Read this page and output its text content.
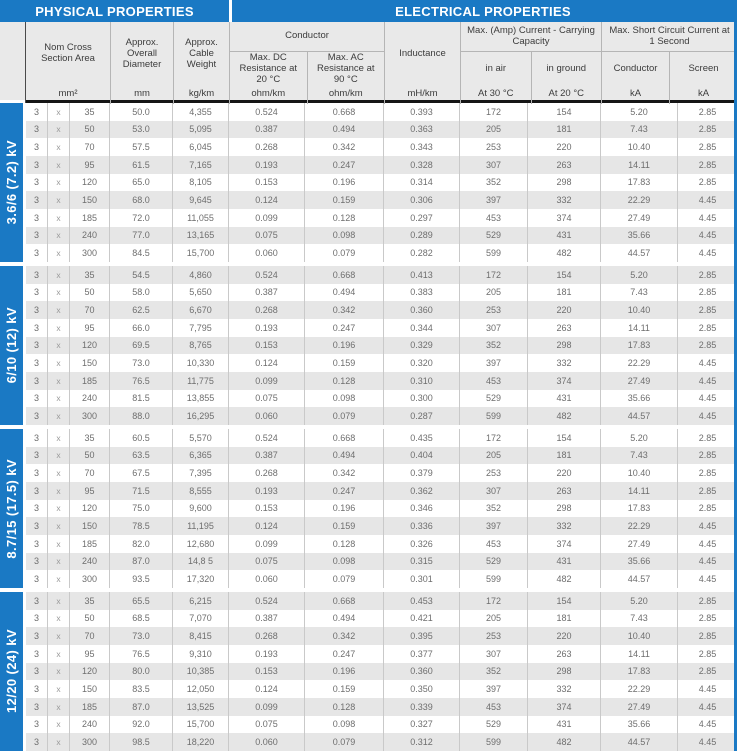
PHYSICAL PROPERTIES	ELECTRICAL PROPERTIES
Nom Cross Section Area
mm²
Approx. Overall Diameter
mm
Approx. Cable Weight
kg/km
Conductor
Max. DC Resistance at 20 °C
ohm/km
Max. AC Resistance at 90 °C
ohm/km
Inductance
mH/km
Max. (Amp) Current - Carrying Capacity
in air
At 30 °C
in ground
At 20 °C
Max. Short Circuit Current at 1 Second
Conductor
kA
Screen
kA
3.6/6 (7.2) kV
3	x	35	50.0	4,355	0.524	0.668	0.393	172	154	5.20	2.85
3	x	50	53.0	5,095	0.387	0.494	0.363	205	181	7.43	2.85
3	x	70	57.5	6,045	0.268	0.342	0.343	253	220	10.40	2.85
3	x	95	61.5	7,165	0.193	0.247	0.328	307	263	14.11	2.85
3	x	120	65.0	8,105	0.153	0.196	0.314	352	298	17.83	2.85
3	x	150	68.0	9,645	0.124	0.159	0.306	397	332	22.29	4.45
3	x	185	72.0	11,055	0.099	0.128	0.297	453	374	27.49	4.45
3	x	240	77.0	13,165	0.075	0.098	0.289	529	431	35.66	4.45
3	x	300	84.5	15,700	0.060	0.079	0.282	599	482	44.57	4.45
6/10 (12) kV
3	x	35	54.5	4,860	0.524	0.668	0.413	172	154	5.20	2.85
3	x	50	58.0	5,650	0.387	0.494	0.383	205	181	7.43	2.85
3	x	70	62.5	6,670	0.268	0.342	0.360	253	220	10.40	2.85
3	x	95	66.0	7,795	0.193	0.247	0.344	307	263	14.11	2.85
3	x	120	69.5	8,765	0.153	0.196	0.329	352	298	17.83	2.85
3	x	150	73.0	10,330	0.124	0.159	0.320	397	332	22.29	4.45
3	x	185	76.5	11,775	0.099	0.128	0.310	453	374	27.49	4.45
3	x	240	81.5	13,855	0.075	0.098	0.300	529	431	35.66	4.45
3	x	300	88.0	16,295	0.060	0.079	0.287	599	482	44.57	4.45
8.7/15 (17.5) kV
3	x	35	60.5	5,570	0.524	0.668	0.435	172	154	5.20	2.85
3	x	50	63.5	6,365	0.387	0.494	0.404	205	181	7.43	2.85
3	x	70	67.5	7,395	0.268	0.342	0.379	253	220	10.40	2.85
3	x	95	71.5	8,555	0.193	0.247	0.362	307	263	14.11	2.85
3	x	120	75.0	9,600	0.153	0.196	0.346	352	298	17.83	2.85
3	x	150	78.5	11,195	0.124	0.159	0.336	397	332	22.29	4.45
3	x	185	82.0	12,680	0.099	0.128	0.326	453	374	27.49	4.45
3	x	240	87.0	14,8 5	0.075	0.098	0.315	529	431	35.66	4.45
3	x	300	93.5	17,320	0.060	0.079	0.301	599	482	44.57	4.45
12/20 (24) kV
3	x	35	65.5	6,215	0.524	0.668	0.453	172	154	5.20	2.85
3	x	50	68.5	7,070	0.387	0.494	0.421	205	181	7.43	2.85
3	x	70	73.0	8,415	0.268	0.342	0.395	253	220	10.40	2.85
3	x	95	76.5	9,310	0.193	0.247	0.377	307	263	14.11	2.85
3	x	120	80.0	10,385	0.153	0.196	0.360	352	298	17.83	2.85
3	x	150	83.5	12,050	0.124	0.159	0.350	397	332	22.29	4.45
3	x	185	87.0	13,525	0.099	0.128	0.339	453	374	27.49	4.45
3	x	240	92.0	15,700	0.075	0.098	0.327	529	431	35.66	4.45
3	x	300	98.5	18,220	0.060	0.079	0.312	599	482	44.57	4.45
